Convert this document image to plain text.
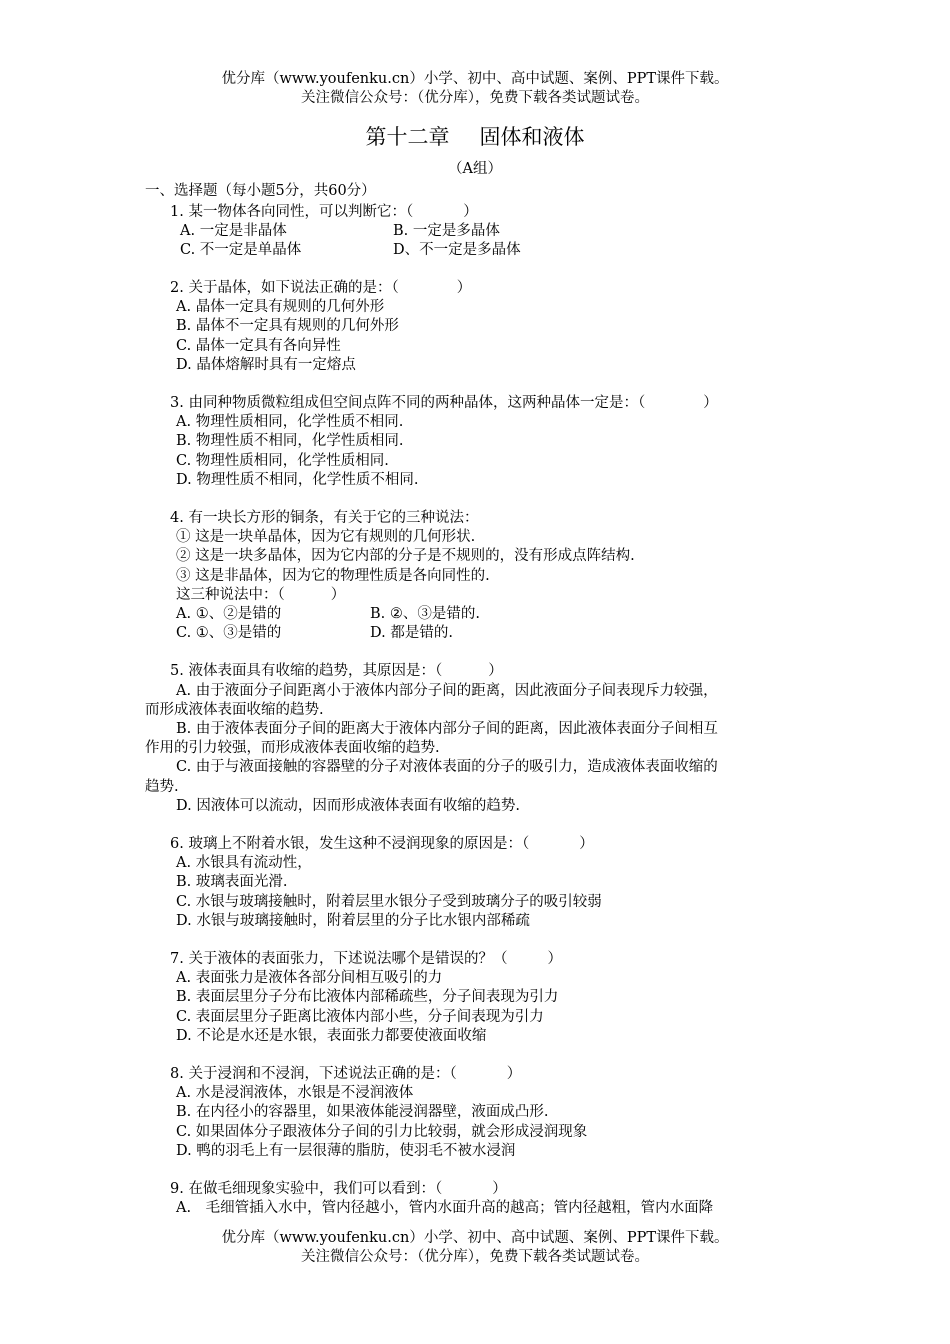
优分库（www.youfenku.cn）小学、初中、高中试题、案例、PPT课件下载。
关注微信公众号：（优分库），免费下载各类试题试卷。
第十二章 固体和液体
（A组）
一、选择题（每小题5分，共60分）
1. 某一物体各向同性，可以判断它：（	）
A. 一定是非晶体	B. 一定是多晶体
C. 不一定是单晶体	D、不一定是多晶体
2. 关于晶体，如下说法正确的是：（	）
A. 晶体一定具有规则的几何外形
B. 晶体不一定具有规则的几何外形
C. 晶体一定具有各向异性
D. 晶体熔解时具有一定熔点
3. 由同种物质微粒组成但空间点阵不同的两种晶体，这两种晶体一定是：（	）
A. 物理性质相同，化学性质不相同.
B. 物理性质不相同，化学性质相同.
C. 物理性质相同，化学性质相同.
D. 物理性质不相同，化学性质不相同.
4. 有一块长方形的铜条，有关于它的三种说法：
① 这是一块单晶体，因为它有规则的几何形状.
② 这是一块多晶体，因为它内部的分子是不规则的，没有形成点阵结构.
③ 这是非晶体，因为它的物理性质是各向同性的.
这三种说法中：（	）
A. ①、②是错的	B. ②、③是错的.
C. ①、③是错的	D. 都是错的.
5. 液体表面具有收缩的趋势，其原因是：（	）
A. 由于液面分子间距离小于液体内部分子间的距离，因此液面分子间表现斥力较强，
而形成液体表面收缩的趋势.
B. 由于液体表面分子间的距离大于液体内部分子间的距离，因此液体表面分子间相互
作用的引力较强，而形成液体表面收缩的趋势.
C. 由于与液面接触的容器壁的分子对液体表面的分子的吸引力，造成液体表面收缩的
趋势.
D. 因液体可以流动，因而形成液体表面有收缩的趋势.
6. 玻璃上不附着水银，发生这种不浸润现象的原因是：（	）
A. 水银具有流动性，
B. 玻璃表面光滑.
C. 水银与玻璃接触时，附着层里水银分子受到玻璃分子的吸引较弱
D. 水银与玻璃接触时，附着层里的分子比水银内部稀疏
7. 关于液体的表面张力，下述说法哪个是错误的？（	）
A. 表面张力是液体各部分间相互吸引的力
B. 表面层里分子分布比液体内部稀疏些，分子间表现为引力
C. 表面层里分子距离比液体内部小些，分子间表现为引力
D. 不论是水还是水银，表面张力都要使液面收缩
8. 关于浸润和不浸润，下述说法正确的是：（	）
A. 水是浸润液体，水银是不浸润液体
B. 在内径小的容器里，如果液体能浸润器壁，液面成凸形.
C. 如果固体分子跟液体分子间的引力比较弱，就会形成浸润现象
D. 鸭的羽毛上有一层很薄的脂肪，使羽毛不被水浸润
9. 在做毛细现象实验中，我们可以看到：（	）
A.　毛细管插入水中，管内径越小，管内水面升高的越高；管内径越粗，管内水面降
优分库（www.youfenku.cn）小学、初中、高中试题、案例、PPT课件下载。
关注微信公众号：（优分库），免费下载各类试题试卷。
